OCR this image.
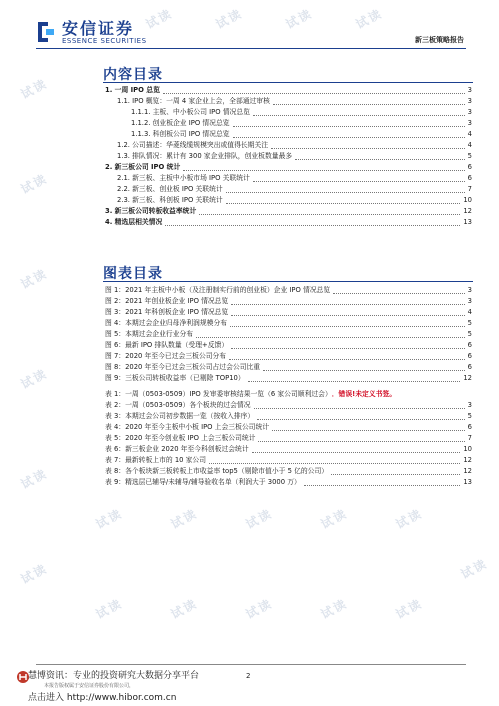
安信证券
ESSENCE SECURITIES	新三板策略报告
内容目录
1. 一周 IPO 总览	3
1.1. IPO 概览：一周 4 家企业上会，全部通过审核	3
1.1.1. 主板、中小板公司 IPO 情况总览	3
1.1.2. 创业板企业 IPO 情况总览	3
1.1.3. 科创板公司 IPO 情况总览	4
1.2. 公司描述：华菱线缆规模突出或值得长期关注	4
1.3. 排队情况：累计有 300 家企业排队，创业板数量最多	5
2. 新三板公司 IPO 统计	6
2.1. 新三板、主板中小板市场 IPO 关联统计	6
2.2. 新三板、创业板 IPO 关联统计	7
2.3. 新三板、科创板 IPO 关联统计	10
3. 新三板公司转板收益率统计	12
4. 精选层相关情况	13
图表目录
图 1：2021 年主板中小板（及注册制实行前的创业板）企业 IPO 情况总览	3
图 2：2021 年创业板企业 IPO 情况总览	3
图 3：2021 年科创板企业 IPO 情况总览	4
图 4：本期过会企业归母净利润规模分布	5
图 5：本期过会企业行业分布	5
图 6：最新 IPO 排队数量（受理+反馈）	6
图 7：2020 年至今已过会三板公司分布	6
图 8：2020 年至今已过会三板公司占过会公司比重	6
图 9：三板公司转板收益率（已剔除 TOP10）	12
表 1：一周（0503-0509）IPO 发审委审核结果一览（6 家公司顺利过会） ．错误!未定义书签。
表 2：一周（0503-0509）各个板块的过会情况	3
表 3：本期过会公司初步数据一览（按收入排序）	5
表 4：2020 年至今主板中小板 IPO 上会三板公司统计	6
表 5：2020 年至今创业板 IPO 上会三板公司统计	7
表 6：新三板企业 2020 年至今科创板过会统计	10
表 7：最新转板上市的 10 家公司	12
表 8：各个板块新三板转板上市收益率 top5（剔除市值小于 5 亿的公司）	12
表 9：精选层已辅导/未辅导/辅导验收名单（利润大于 3000 万）	13
试读	试读	试读	试读
试读
试读
试读
试读
试读
试读
试读	试读	试读	试读	试读
试读	试读	试读	试读	试读
试读
慧博资讯：专业的投资研究大数据分享平台
本报告版权属于安信证券股份有限公司，
点击进入 http://www.hibor.com.cn
2
